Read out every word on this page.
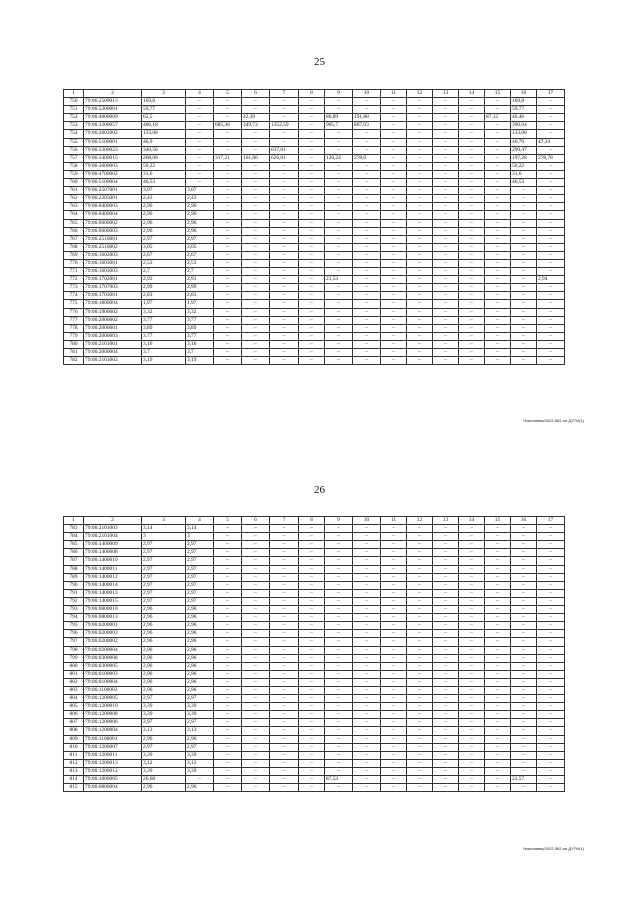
25
1	2	3	4	5	6	7	8	9	10	11	12	13	14	15	16	17
750	79:06:2509013	169,8	–	–	–	–	–	–	–	–	–	–	–	–	169,8	–
751	79:06:5200001	59,77	–	–	–	–	–	–	–	–	–	–	–	–	59,77	–
752	79:06:4000009	62,5	–	–	42,39	–	–	86,89	191,88	–	–	–	–	87,12	40,46	–
753	79:06:3200057	406,18	–	685,36	349,72	1352,59	–	905,7	867,03	–	–	–	–	–	390,04	–
754	79:06:2602002	133,08	–	–	–	–	–	–	–	–	–	–	–	–	133,08	–
755	79:06:5100001	46,9	–	–	–	–	–	–	–	–	–	–	–	–	46,79	47,24
756	79:06:3300023	340,56	–	–	–	637,01	–	–	–	–	–	–	–	–	290,47	–
757	79:06:3400015	268,08	–	317,21	161,86	626,01	–	120,24	278,6	–	–	–	–	–	197,28	278,78
758	79:06:3600003	50,22	–	–	–	–	–	–	–	–	–	–	–	–	50,22	–
759	79:06:4700002	31,6	–	–	–	–	–	–	–	–	–	–	–	–	31,6	–
760	79:06:5100004	46,53	–	–	–	–	–	–	–	–	–	–	–	–	46,53	–
761	79:06:2507001	3,07	3,07	–	–	–	–	–	–	–	–	–	–	–	–	–
762	79:06:2205001	2,43	2,43	–	–	–	–	–	–	–	–	–	–	–	–	–
763	79:06:0400003	2,96	2,96	–	–	–	–	–	–	–	–	–	–	–	–	–
764	79:06:0400004	2,96	2,96	–	–	–	–	–	–	–	–	–	–	–	–	–
765	79:06:0600002	2,96	2,96	–	–	–	–	–	–	–	–	–	–	–	–	–
766	79:06:0600003	2,96	2,96	–	–	–	–	–	–	–	–	–	–	–	–	–
767	79:06:2516001	2,97	2,97	–	–	–	–	–	–	–	–	–	–	–	–	–
768	79:06:2516002	3,05	3,05	–	–	–	–	–	–	–	–	–	–	–	–	–
769	79:06:1602003	2,67	2,67	–	–	–	–	–	–	–	–	–	–	–	–	–
770	79:06:1603001	2,53	2,53	–	–	–	–	–	–	–	–	–	–	–	–	–
771	79:06:1603003	2,7	2,7	–	–	–	–	–	–	–	–	–	–	–	–	–
772	79:06:1702001	2,93	2,91	–	–	–	–	21,53	–	–	–	–	–	–	–	2,94
773	79:06:1707003	2,99	2,99	–	–	–	–	–	–	–	–	–	–	–	–	–
774	79:06:1703001	2,83	2,83	–	–	–	–	–	–	–	–	–	–	–	–	–
775	79:06:1800004	1,97	1,97	–	–	–	–	–	–	–	–	–	–	–	–	–
776	79:06:1900002	3,32	3,32	–	–	–	–	–	–	–	–	–	–	–	–	–
777	79:06:2000002	3,77	3,77	–	–	–	–	–	–	–	–	–	–	–	–	–
778	79:06:2000001	3,89	3,89	–	–	–	–	–	–	–	–	–	–	–	–	–
779	79:06:2000003	3,77	3,77	–	–	–	–	–	–	–	–	–	–	–	–	–
780	79:06:2101001	3,16	3,16	–	–	–	–	–	–	–	–	–	–	–	–	–
781	79:06:2000004	3,7	3,7	–	–	–	–	–	–	–	–	–	–	–	–	–
782	79:06:2101002	3,19	3,19	–	–	–	–	–	–	–	–	–	–	–	–	–
Николаева/2022-562-пп-ДУТИ(1)
26
1	2	3	4	5	6	7	8	9	10	11	12	13	14	15	16	17
783	79:06:2101003	3,14	3,14	–	–	–	–	–	–	–	–	–	–	–	–	–
784	79:06:2101004	3	3	–	–	–	–	–	–	–	–	–	–	–	–	–
785	79:06:1400009	2,97	2,97	–	–	–	–	–	–	–	–	–	–	–	–	–
786	79:06:1400008	2,97	2,97	–	–	–	–	–	–	–	–	–	–	–	–	–
787	79:06:1400010	2,97	2,97	–	–	–	–	–	–	–	–	–	–	–	–	–
788	79:06:1400011	2,97	2,97	–	–	–	–	–	–	–	–	–	–	–	–	–
789	79:06:1400012	2,97	2,97	–	–	–	–	–	–	–	–	–	–	–	–	–
790	79:06:1400014	2,97	2,97	–	–	–	–	–	–	–	–	–	–	–	–	–
791	79:06:1400013	2,97	2,97	–	–	–	–	–	–	–	–	–	–	–	–	–
792	79:06:1400015	2,97	2,97	–	–	–	–	–	–	–	–	–	–	–	–	–
793	79:06:0800010	2,96	2,96	–	–	–	–	–	–	–	–	–	–	–	–	–
794	79:06:0800013	2,96	2,96	–	–	–	–	–	–	–	–	–	–	–	–	–
795	79:06:0200001	2,96	2,96	–	–	–	–	–	–	–	–	–	–	–	–	–
796	79:06:0200003	2,96	2,96	–	–	–	–	–	–	–	–	–	–	–	–	–
797	79:06:0200002	2,96	2,96	–	–	–	–	–	–	–	–	–	–	–	–	–
798	79:06:0200004	2,96	2,96	–	–	–	–	–	–	–	–	–	–	–	–	–
799	79:06:0300008	2,96	2,96	–	–	–	–	–	–	–	–	–	–	–	–	–
800	79:06:0300005	2,96	2,96	–	–	–	–	–	–	–	–	–	–	–	–	–
801	79:06:0100003	2,96	2,96	–	–	–	–	–	–	–	–	–	–	–	–	–
802	79:06:0100004	2,96	2,96	–	–	–	–	–	–	–	–	–	–	–	–	–
803	79:06:1100002	2,96	2,96	–	–	–	–	–	–	–	–	–	–	–	–	–
804	79:06:1200005	2,97	2,97	–	–	–	–	–	–	–	–	–	–	–	–	–
805	79:06:1200010	3,39	3,39	–	–	–	–	–	–	–	–	–	–	–	–	–
806	79:06:1200008	3,39	3,39	–	–	–	–	–	–	–	–	–	–	–	–	–
807	79:06:1200006	2,97	2,97	–	–	–	–	–	–	–	–	–	–	–	–	–
808	79:06:1200004	3,13	3,13	–	–	–	–	–	–	–	–	–	–	–	–	–
809	79:06:1100001	2,96	2,96	–	–	–	–	–	–	–	–	–	–	–	–	–
810	79:06:1200007	2,97	2,97	–	–	–	–	–	–	–	–	–	–	–	–	–
811	79:06:1200011	3,39	3,39	–	–	–	–	–	–	–	–	–	–	–	–	–
812	79:06:1200013	3,12	3,12	–	–	–	–	–	–	–	–	–	–	–	–	–
813	79:06:1200012	3,39	3,39	–	–	–	–	–	–	–	–	–	–	–	–	–
814	79:06:1000005	26,68	–	–	–	–	–	87,53	–	–	–	–	–	–	23,57	–
815	79:06:0800004	2,96	2,96	–	–	–	–	–	–	–	–	–	–	–	–	–
Николаева/2022-562-пп-ДУТИ(1)
